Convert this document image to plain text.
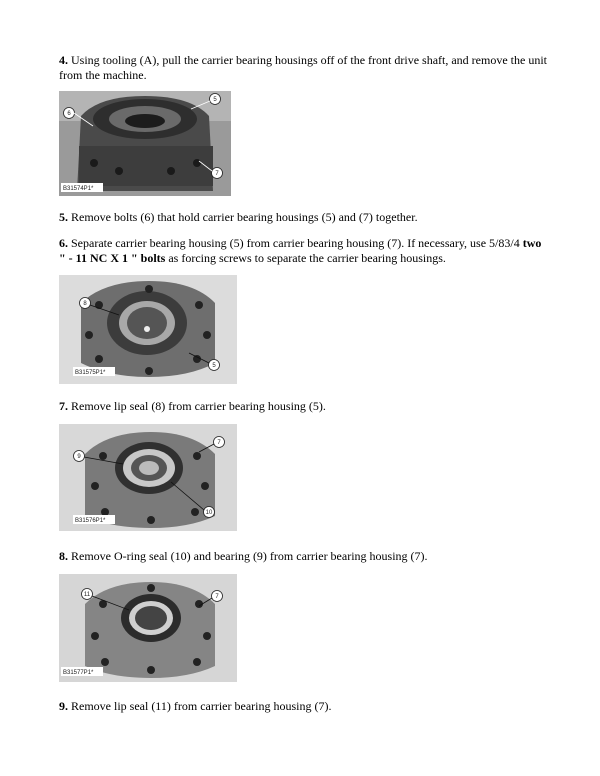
4. Using tooling (A), pull the carrier bearing housings off of the front drive shaft, and remove the unit from the machine.

6
5
7
B31574P1*

5. Remove bolts (6) that hold carrier bearing housings (5) and (7) together.

6. Separate carrier bearing housing (5) from carrier bearing housing (7). If necessary, use 5/83/4 two " - 11 NC X 1 " bolts as forcing screws to separate the carrier bearing housings.

8
5
B31575P1*

7. Remove lip seal (8) from carrier bearing housing (5).

9
7
10
B31576P1*

8. Remove O-ring seal (10) and bearing (9) from carrier bearing housing (7).

11	7
B31577P1*

9. Remove lip seal (11) from carrier bearing housing (7).
